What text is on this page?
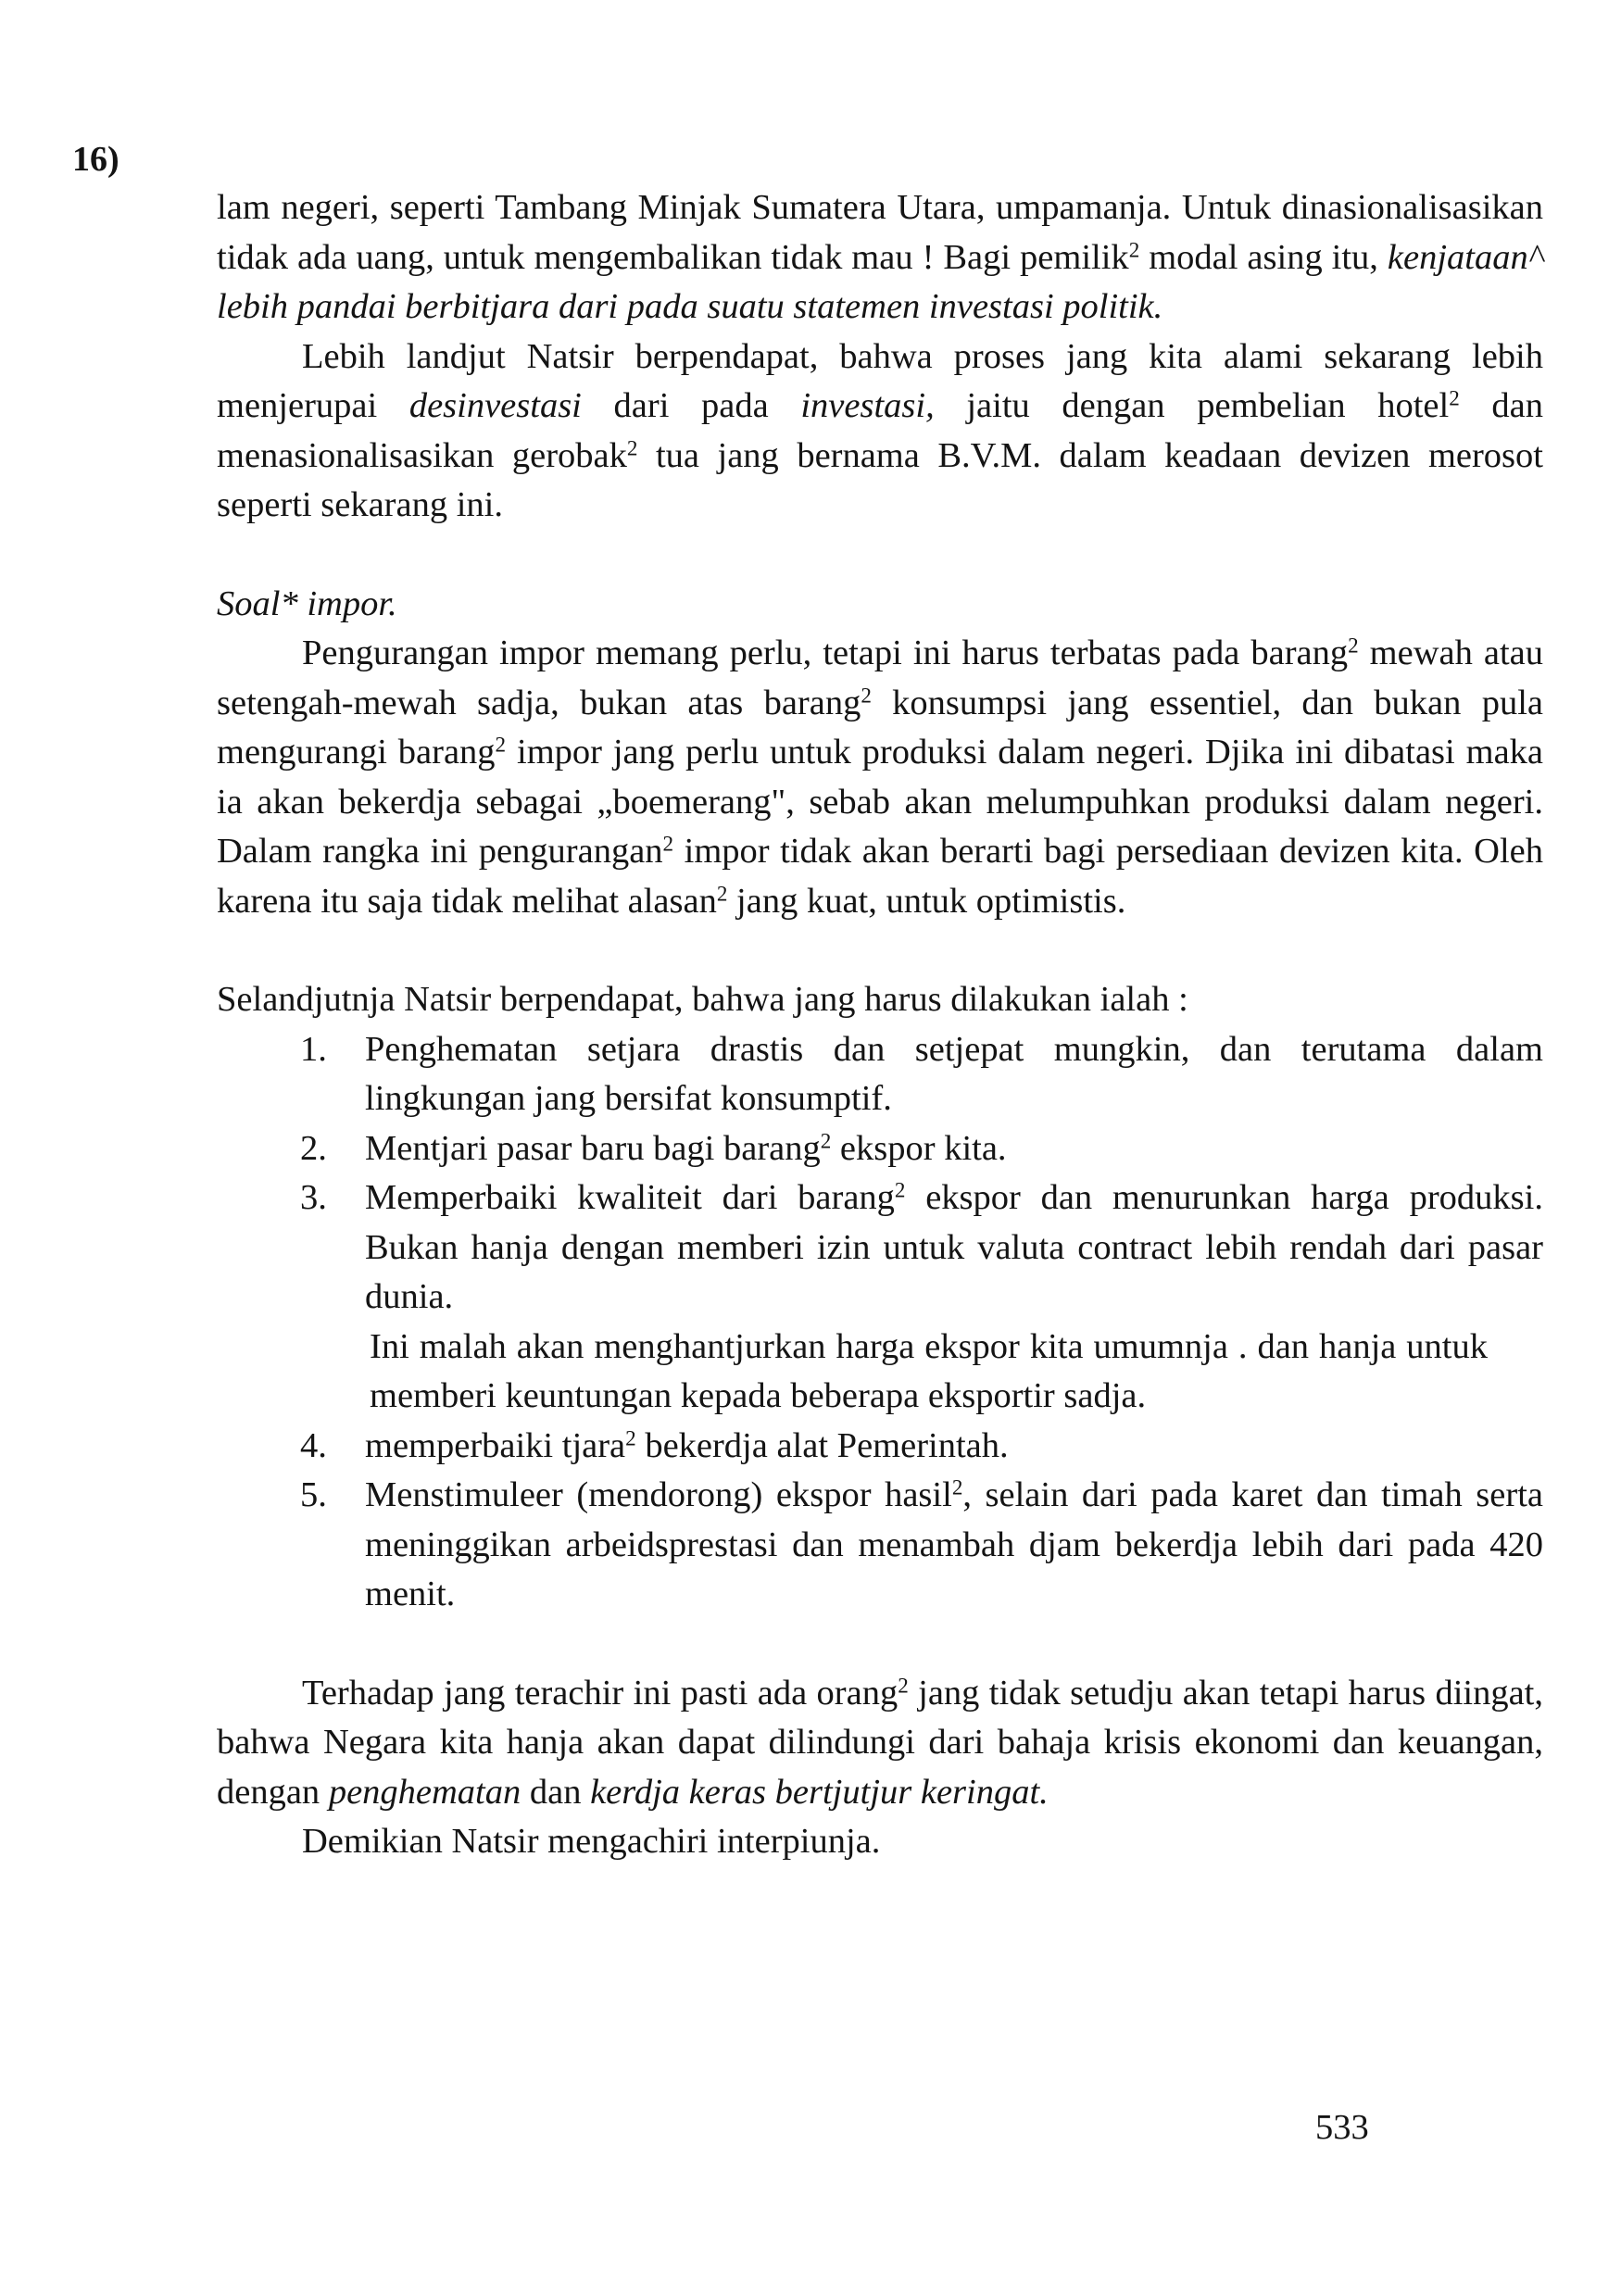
16)

lam negeri, seperti Tambang Minjak Sumatera Utara, umpamanja. Untuk dinasionalisasikan tidak ada uang, untuk mengembalikan tidak mau ! Bagi pemilik$^2$ modal asing itu, kenjataan^ lebih pandai berbitjara dari pada suatu statemen investasi politik.

Lebih landjut Natsir berpendapat, bahwa proses jang kita alami sekarang lebih menjerupai desinvestasi dari pada investasi, jaitu dengan pembelian hotel$^2$ dan menasionalisasikan gerobak$^2$ tua jang bernama B.V.M. dalam keadaan devizen merosot seperti sekarang ini.

Soal* impor.

Pengurangan impor memang perlu, tetapi ini harus terbatas pada barang$^2$ mewah atau setengah-mewah sadja, bukan atas barang$^2$ konsumpsi jang essentiel, dan bukan pula mengurangi barang$^2$ impor jang perlu untuk produksi dalam negeri. Djika ini dibatasi maka ia akan bekerdja sebagai „boemerang", sebab akan melumpuhkan produksi dalam negeri. Dalam rangka ini pengurangan$^2$ impor tidak akan berarti bagi persediaan devizen kita. Oleh karena itu saja tidak melihat alasan$^2$ jang kuat, untuk optimistis.

Selandjutnja Natsir berpendapat, bahwa jang harus dilakukan ialah :

1. Penghematan setjara drastis dan setjepat mungkin, dan terutama dalam lingkungan jang bersifat konsumptif.
2. Mentjari pasar baru bagi barang$^2$ ekspor kita.
3. Memperbaiki kwaliteit dari barang$^2$ ekspor dan menurunkan harga produksi. Bukan hanja dengan memberi izin untuk valuta contract lebih rendah dari pasar dunia.

Ini malah akan menghantjurkan harga ekspor kita umumnja . dan hanja untuk memberi keuntungan kepada beberapa eksportir sadja.

4. memperbaiki tjara$^2$ bekerdja alat Pemerintah.
5. Menstimuleer (mendorong) ekspor hasil$^2$, selain dari pada karet dan timah serta meninggikan arbeidsprestasi dan menambah djam bekerdja lebih dari pada 420 menit.

Terhadap jang terachir ini pasti ada orang$^2$ jang tidak setudju akan tetapi harus diingat, bahwa Negara kita hanja akan dapat dilindungi dari bahaja krisis ekonomi dan keuangan, dengan penghematan dan kerdja keras bertjutjur keringat.

Demikian Natsir mengachiri interpiunja.

533
